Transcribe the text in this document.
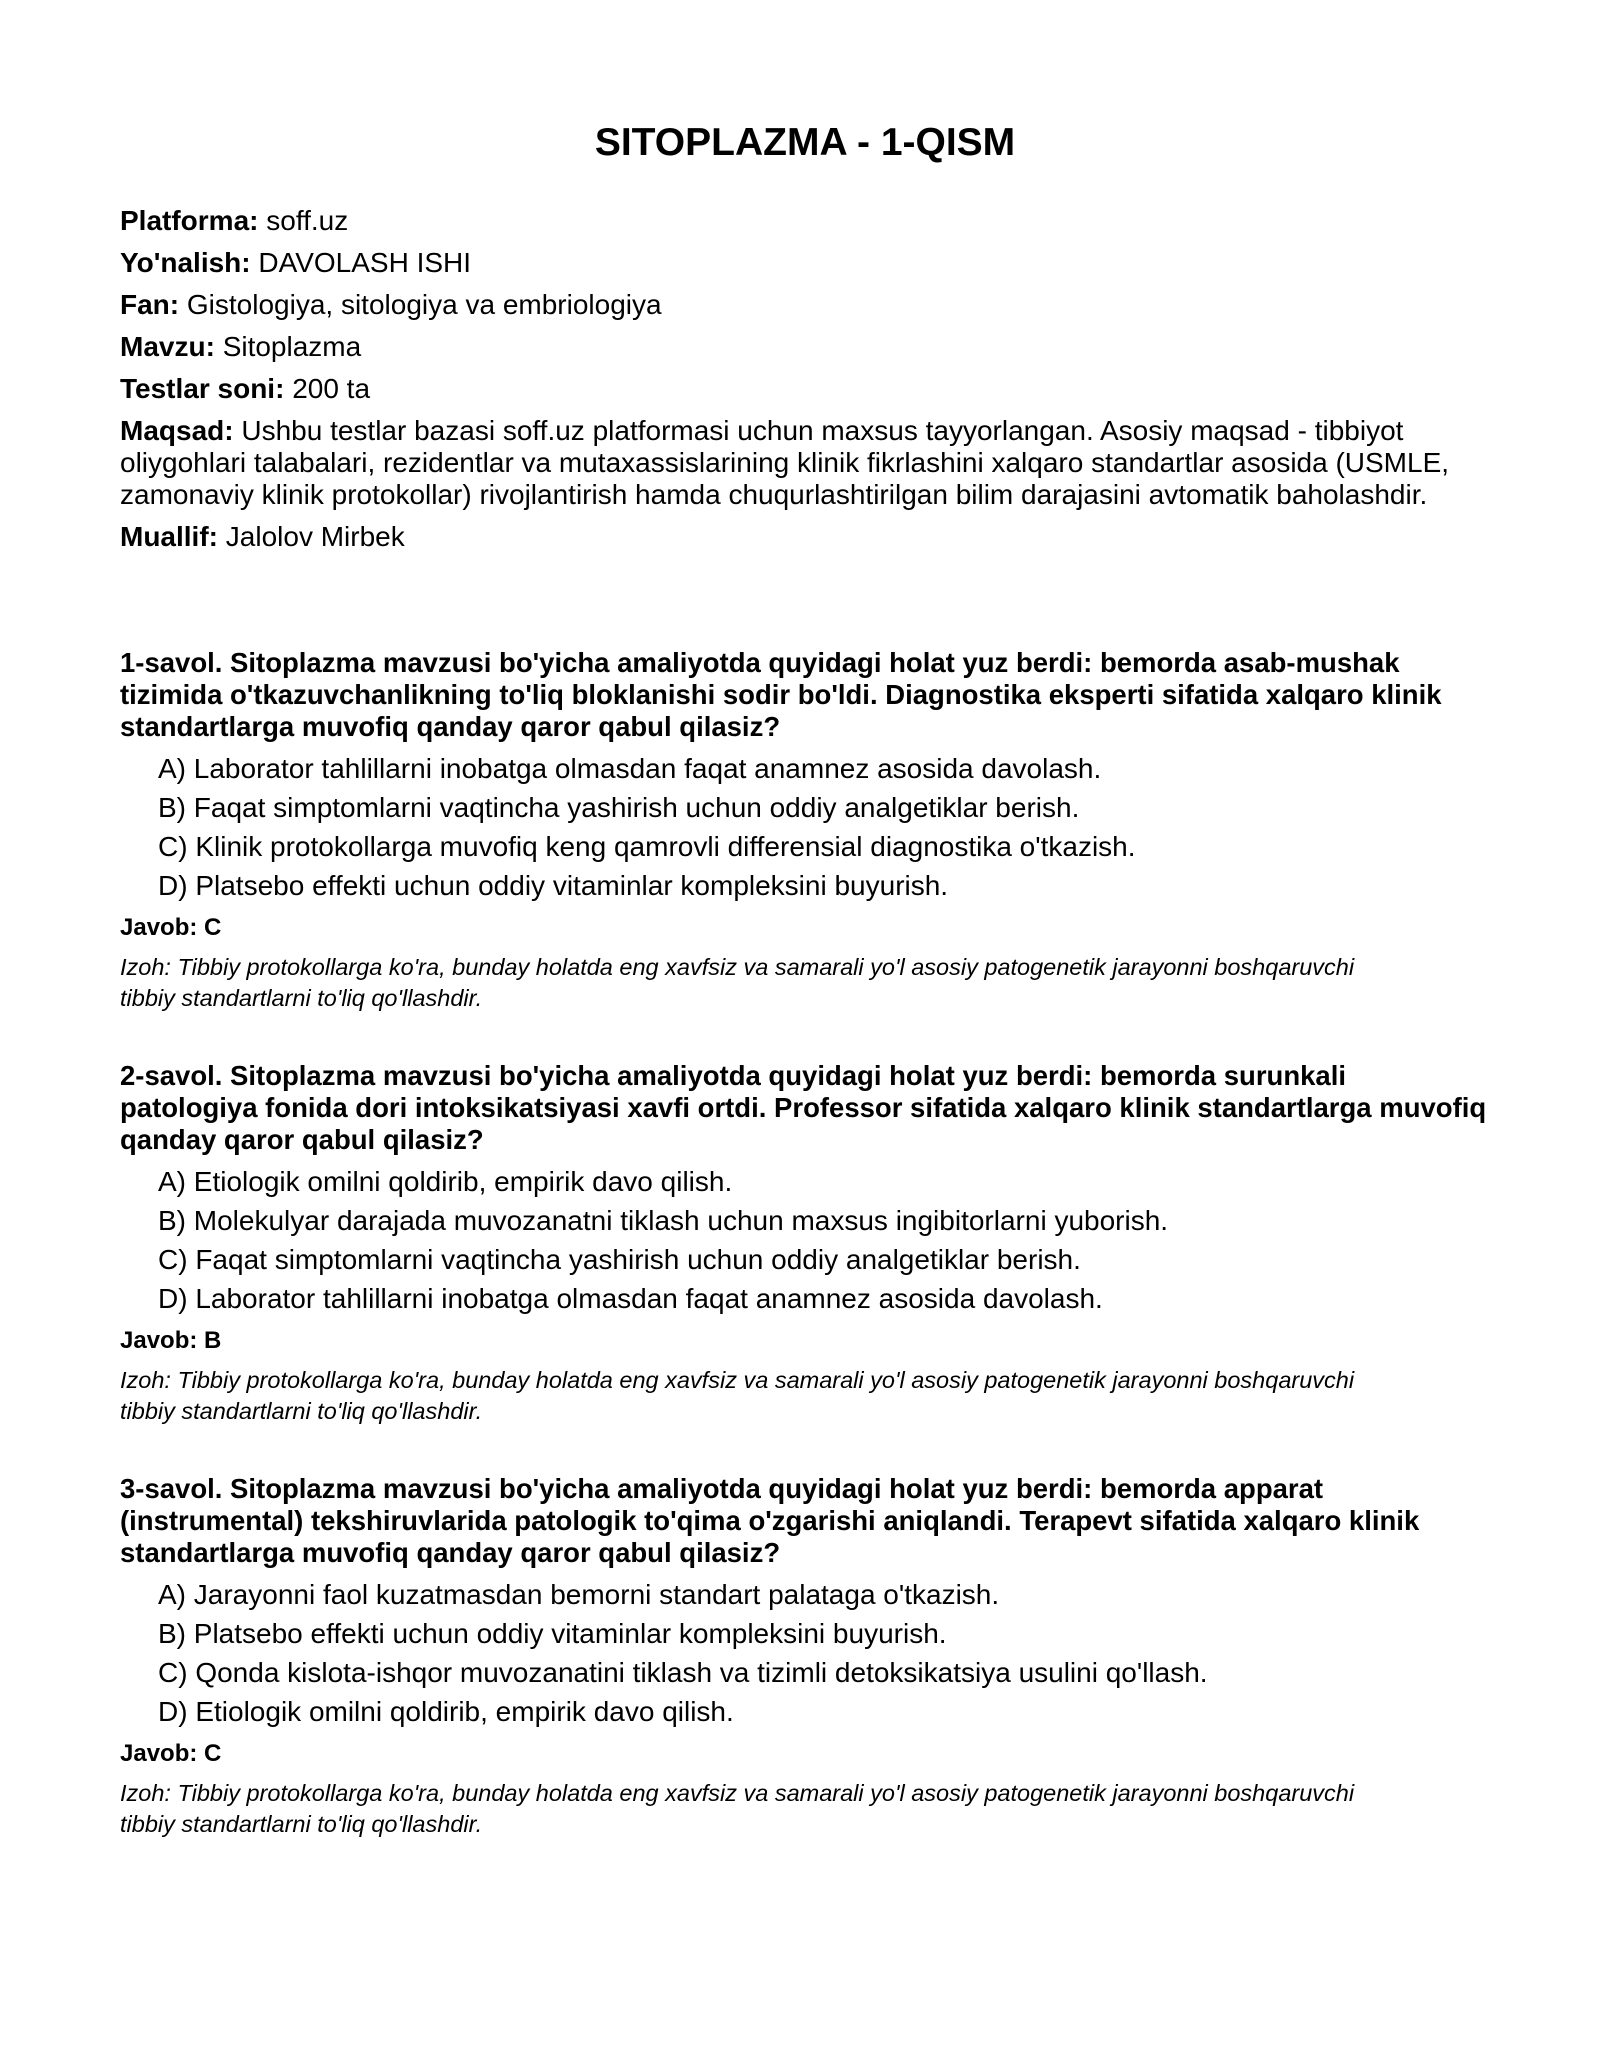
SITOPLAZMA - 1-QISM

Platforma: soff.uz

Yo'nalish: DAVOLASH ISHI

Fan: Gistologiya, sitologiya va embriologiya

Mavzu: Sitoplazma

Testlar soni: 200 ta

Maqsad: Ushbu testlar bazasi soff.uz platformasi uchun maxsus tayyorlangan. Asosiy maqsad - tibbiyot oliygohlari talabalari, rezidentlar va mutaxassislarining klinik fikrlashini xalqaro standartlar asosida (USMLE, zamonaviy klinik protokollar) rivojlantirish hamda chuqurlashtirilgan bilim darajasini avtomatik baholashdir.

Muallif: Jalolov Mirbek

1-savol. Sitoplazma mavzusi bo'yicha amaliyotda quyidagi holat yuz berdi: bemorda asab-mushak tizimida o'tkazuvchanlikning to'liq bloklanishi sodir bo'ldi. Diagnostika eksperti sifatida xalqaro klinik standartlarga muvofiq qanday qaror qabul qilasiz?

A) Laborator tahlillarni inobatga olmasdan faqat anamnez asosida davolash.
B) Faqat simptomlarni vaqtincha yashirish uchun oddiy analgetiklar berish.
C) Klinik protokollarga muvofiq keng qamrovli differensial diagnostika o'tkazish.
D) Platsebo effekti uchun oddiy vitaminlar kompleksini buyurish.

Javob: C

Izoh: Tibbiy protokollarga ko'ra, bunday holatda eng xavfsiz va samarali yo'l asosiy patogenetik jarayonni boshqaruvchi tibbiy standartlarni to'liq qo'llashdir.

2-savol. Sitoplazma mavzusi bo'yicha amaliyotda quyidagi holat yuz berdi: bemorda surunkali patologiya fonida dori intoksikatsiyasi xavfi ortdi. Professor sifatida xalqaro klinik standartlarga muvofiq qanday qaror qabul qilasiz?

A) Etiologik omilni qoldirib, empirik davo qilish.
B) Molekulyar darajada muvozanatni tiklash uchun maxsus ingibitorlarni yuborish.
C) Faqat simptomlarni vaqtincha yashirish uchun oddiy analgetiklar berish.
D) Laborator tahlillarni inobatga olmasdan faqat anamnez asosida davolash.

Javob: B

Izoh: Tibbiy protokollarga ko'ra, bunday holatda eng xavfsiz va samarali yo'l asosiy patogenetik jarayonni boshqaruvchi tibbiy standartlarni to'liq qo'llashdir.

3-savol. Sitoplazma mavzusi bo'yicha amaliyotda quyidagi holat yuz berdi: bemorda apparat (instrumental) tekshiruvlarida patologik to'qima o'zgarishi aniqlandi. Terapevt sifatida xalqaro klinik standartlarga muvofiq qanday qaror qabul qilasiz?

A) Jarayonni faol kuzatmasdan bemorni standart palataga o'tkazish.
B) Platsebo effekti uchun oddiy vitaminlar kompleksini buyurish.
C) Qonda kislota-ishqor muvozanatini tiklash va tizimli detoksikatsiya usulini qo'llash.
D) Etiologik omilni qoldirib, empirik davo qilish.

Javob: C

Izoh: Tibbiy protokollarga ko'ra, bunday holatda eng xavfsiz va samarali yo'l asosiy patogenetik jarayonni boshqaruvchi tibbiy standartlarni to'liq qo'llashdir.
